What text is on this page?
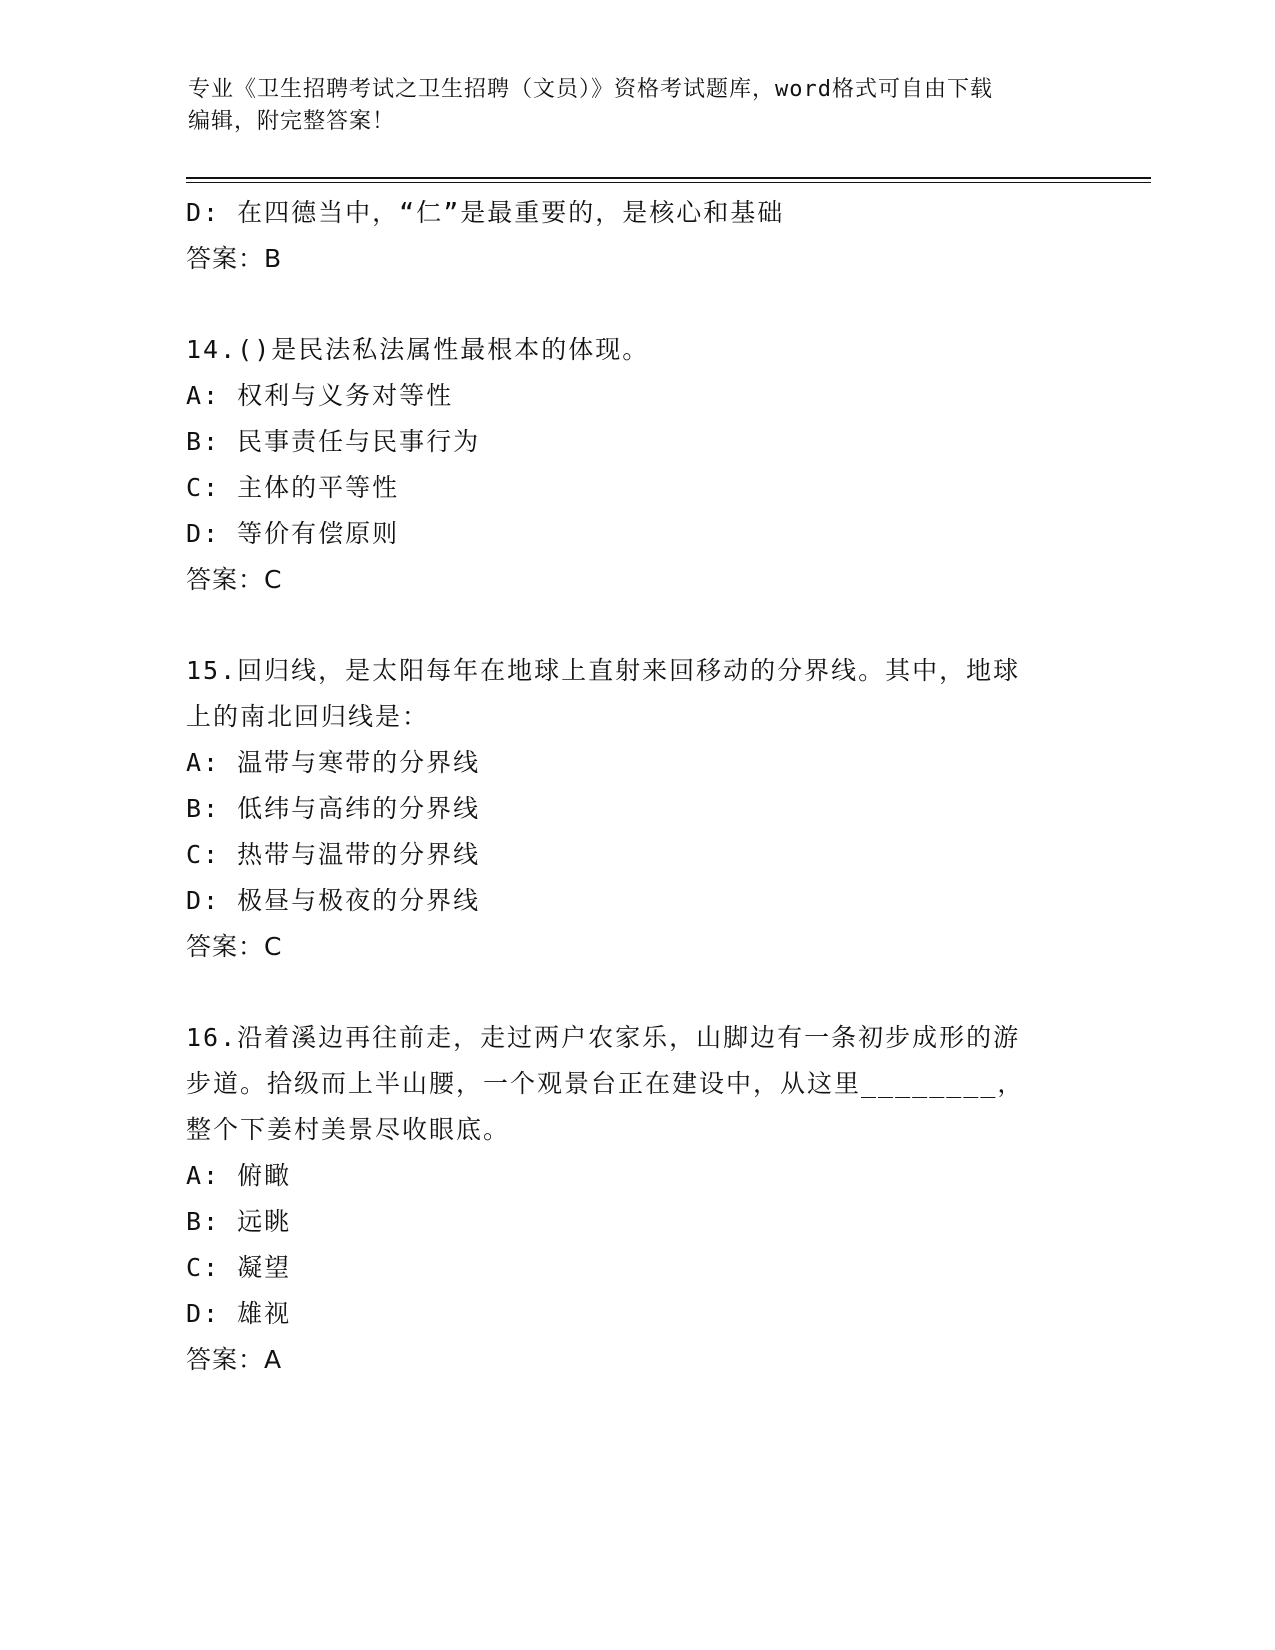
专业《卫生招聘考试之卫生招聘（文员）》资格考试题库，word格式可自由下载
编辑，附完整答案！
D: 在四德当中，“仁”是最重要的，是核心和基础
答案：B
14.()是民法私法属性最根本的体现。
A: 权利与义务对等性
B: 民事责任与民事行为
C: 主体的平等性
D: 等价有偿原则
答案：C
15.回归线，是太阳每年在地球上直射来回移动的分界线。其中，地球
上的南北回归线是：
A: 温带与寒带的分界线
B: 低纬与高纬的分界线
C: 热带与温带的分界线
D: 极昼与极夜的分界线
答案：C
16.沿着溪边再往前走，走过两户农家乐，山脚边有一条初步成形的游
步道。拾级而上半山腰，一个观景台正在建设中，从这里________，
整个下姜村美景尽收眼底。
A: 俯瞰
B: 远眺
C: 凝望
D: 雄视
答案：A
